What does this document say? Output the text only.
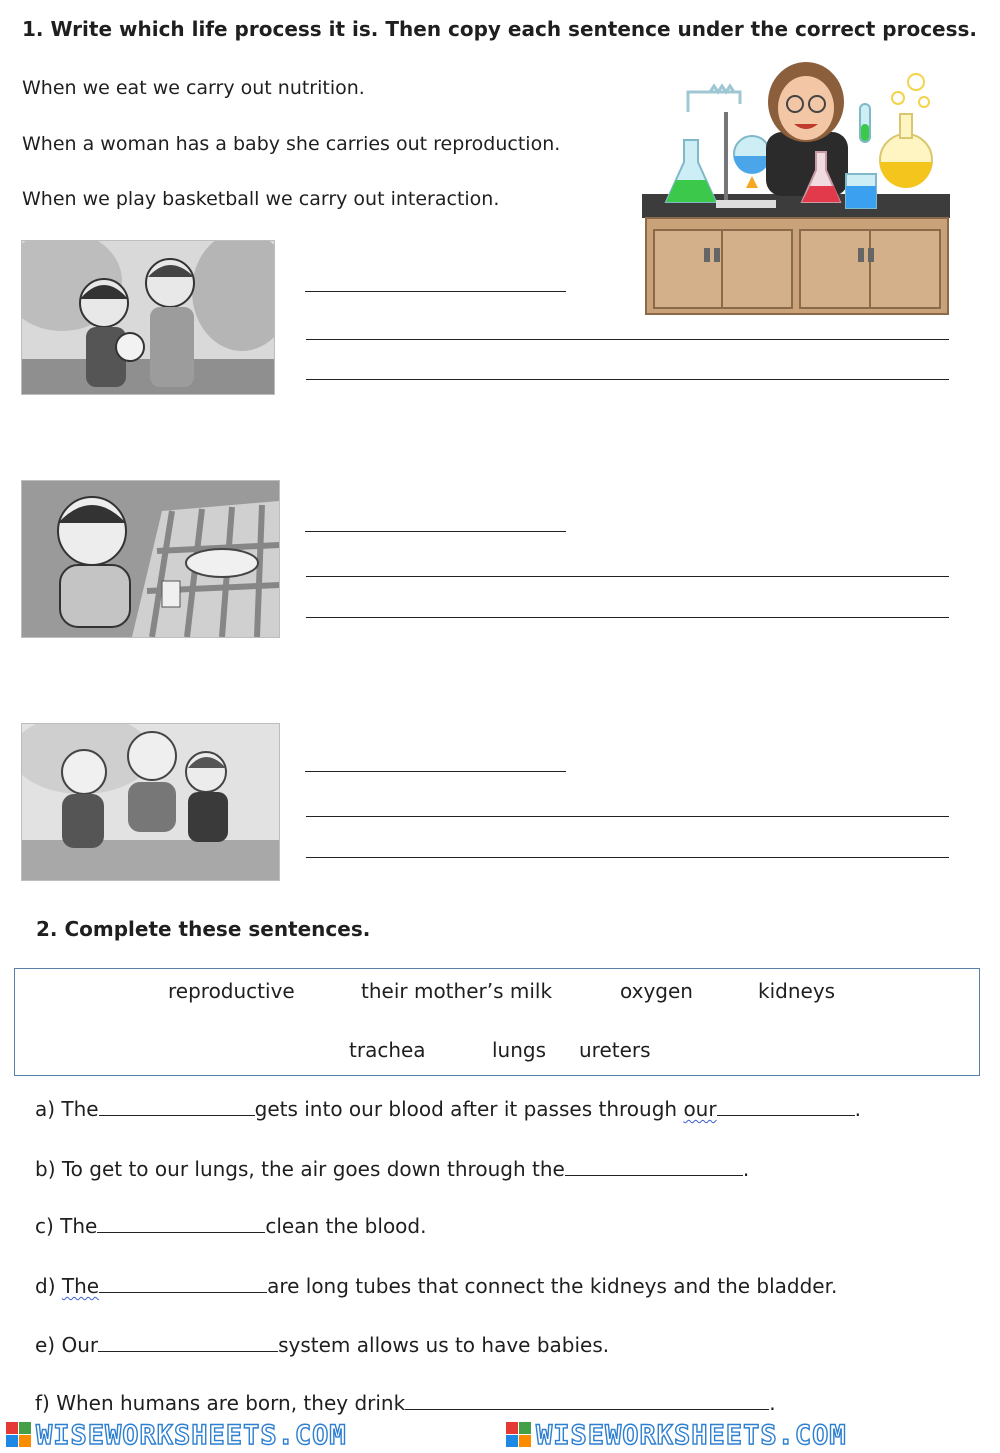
1. Write which life process it is. Then copy each sentence under the correct process.
When we eat we carry out nutrition.
When a woman has a baby she carries out reproduction.
When we play basketball we carry out interaction.
2. Complete these sentences.
reproductive	their mother’s milk	oxygen	kidneys
trachea	lungs ureters
a) The	gets into our blood after it passes through our	.
b) To get to our lungs, the air goes down through the	.
c) The	clean the blood.
d) The	are long tubes that connect the kidneys and the bladder.
e) Our	system allows us to have babies.
f) When humans are born, they drink	.
WISEWORKSHEETS.COM	WISEWORKSHEETS.COM
